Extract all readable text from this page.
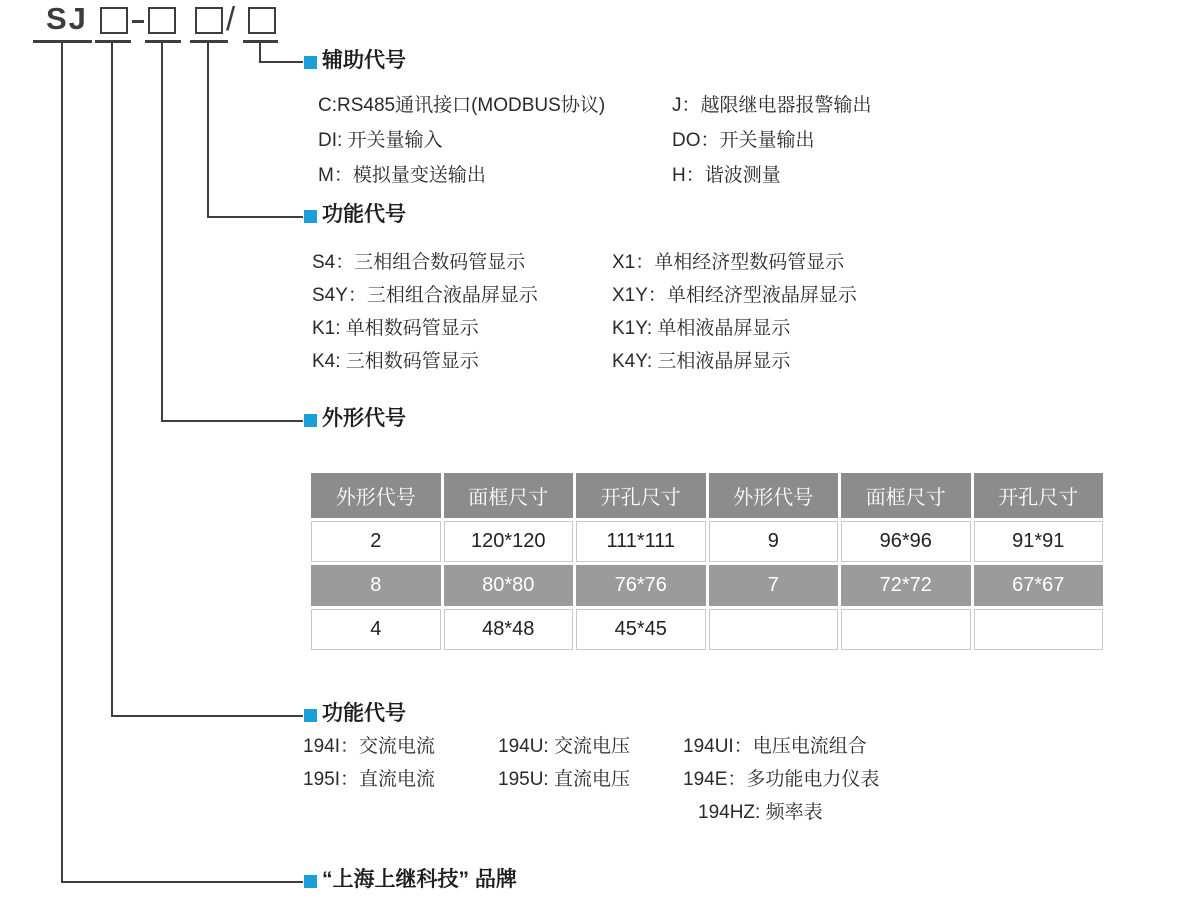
SJ	/
辅助代号
功能代号
外形代号
功能代号
“上海上继科技” 品牌
C:RS485通讯接口(MODBUS协议)	J：越限继电器报警输出
DI: 开关量输入	DO：开关量输出
M：模拟量变送输出	H：谐波测量
S4：三相组合数码管显示	X1：单相经济型数码管显示
S4Y：三相组合液晶屏显示	X1Y：单相经济型液晶屏显示
K1: 单相数码管显示	K1Y: 单相液晶屏显示
K4: 三相数码管显示	K4Y: 三相液晶屏显示
外形代号	面框尺寸	开孔尺寸	外形代号	面框尺寸	开孔尺寸
2	120*120	111*111	9	96*96	91*91
8	80*80	76*76	7	72*72	67*67
4	48*48	45*45			
194I：交流电流	194U: 交流电压	194UI：电压电流组合
195I：直流电流	195U: 直流电压	194E：多功能电力仪表
194HZ: 频率表
